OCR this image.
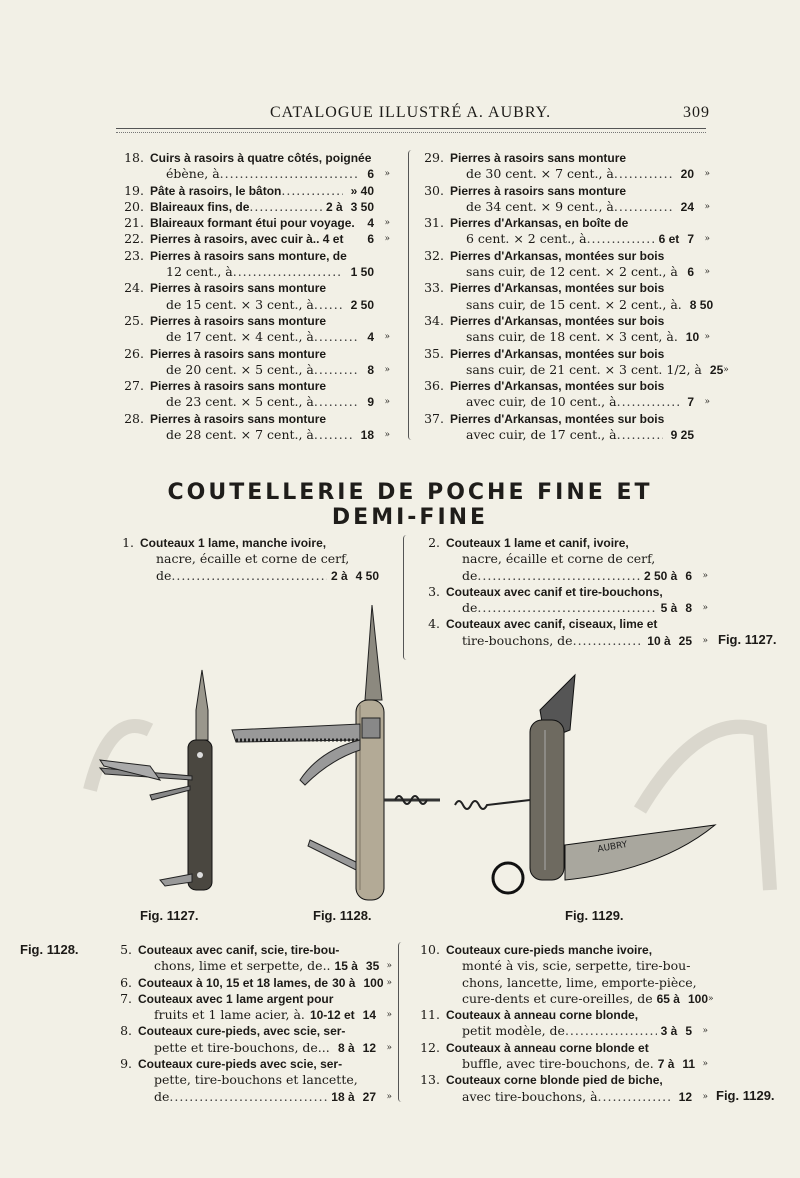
CATALOGUE ILLUSTRÉ A. AUBRY.	309
18. Cuirs à rasoirs à quatre côtés, poignée
ébène, à .....	6	»
19. Pâte à rasoirs, le bâton .....	» 40
20. Blaireaux fins, de .....	2 à 3 50
21. Blaireaux formant étui pour voyage. 4	»
22. Pierres à rasoirs, avec cuir à.. 4 et 6	»
23. Pierres à rasoirs sans monture, de
12 cent., à .....	1 50
24. Pierres à rasoirs sans monture
de 15 cent. × 3 cent., à .....	2 50
25. Pierres à rasoirs sans monture
de 17 cent. × 4 cent., à .....	4	»
26. Pierres à rasoirs sans monture
de 20 cent. × 5 cent., à .....	8	»
27. Pierres à rasoirs sans monture
de 23 cent. × 5 cent., à .....	9	»
28. Pierres à rasoirs sans monture
de 28 cent. × 7 cent., à .....	18	»
29. Pierres à rasoirs sans monture
de 30 cent. × 7 cent., à .....	20	»
30. Pierres à rasoirs sans monture
de 34 cent. × 9 cent., à .....	24	»
31. Pierres d'Arkansas, en boîte de
6 cent. × 2 cent., à .....	6 et 7	»
32. Pierres d'Arkansas, montées sur bois
sans cuir, de 12 cent. × 2 cent., à 6	»
33. Pierres d'Arkansas, montées sur bois
sans cuir, de 15 cent. × 2 cent., à. 8 50
34. Pierres d'Arkansas, montées sur bois
sans cuir, de 18 cent. × 3 cent, à. 10 »
35. Pierres d'Arkansas, montées sur bois
sans cuir, de 21 cent. × 3 cent. 1/2, à 25 »
36. Pierres d'Arkansas, montées sur bois
avec cuir, de 10 cent., à .....	7	»
37. Pierres d'Arkansas, montées sur bois
avec cuir, de 17 cent., à .....	9 25
COUTELLERIE DE POCHE FINE ET DEMI-FINE
1. Couteaux 1 lame, manche ivoire,
nacre, écaille et corne de cerf,
de .....	2 à 4 50
2. Couteaux 1 lame et canif, ivoire,
nacre, écaille et corne de cerf,
de .....	2 50 à 6	»
3. Couteaux avec canif et tire-bouchons,
de .....	5 à 8	»
4. Couteaux avec canif, ciseaux, lime et
tire-bouchons, de .....	10 à 25	» Fig. 1127.
AUBRY
Fig. 1127.	Fig. 1128.	Fig. 1129.
Fig. 1128.	5. Couteaux avec canif, scie, tire-bou-
chons, lime et serpette, de.. 15 à 35 »
6. Couteaux à 10, 15 et 18 lames, de 30 à 100 »
7. Couteaux avec 1 lame argent pour
fruits et 1 lame acier, à. 10-12 et 14	»
8. Couteaux cure-pieds, avec scie, ser-
pette et tire-bouchons, de... 8 à 12	»
9. Couteaux cure-pieds avec scie, ser-
pette, tire-bouchons et lancette,
de .....	18 à 27	»
10. Couteaux cure-pieds manche ivoire,
monté à vis, scie, serpette, tire-bou-
chons, lancette, lime, emporte-pièce,
cure-dents et cure-oreilles, de 65 à 100 »
11. Couteaux à anneau corne blonde,
petit modèle, de .....	3 à 5	»
12. Couteaux à anneau corne blonde et
buffle, avec tire-bouchons, de. 7 à 11 »
13. Couteaux corne blonde pied de biche,
avec tire-bouchons, à .....	12	» Fig. 1129.
